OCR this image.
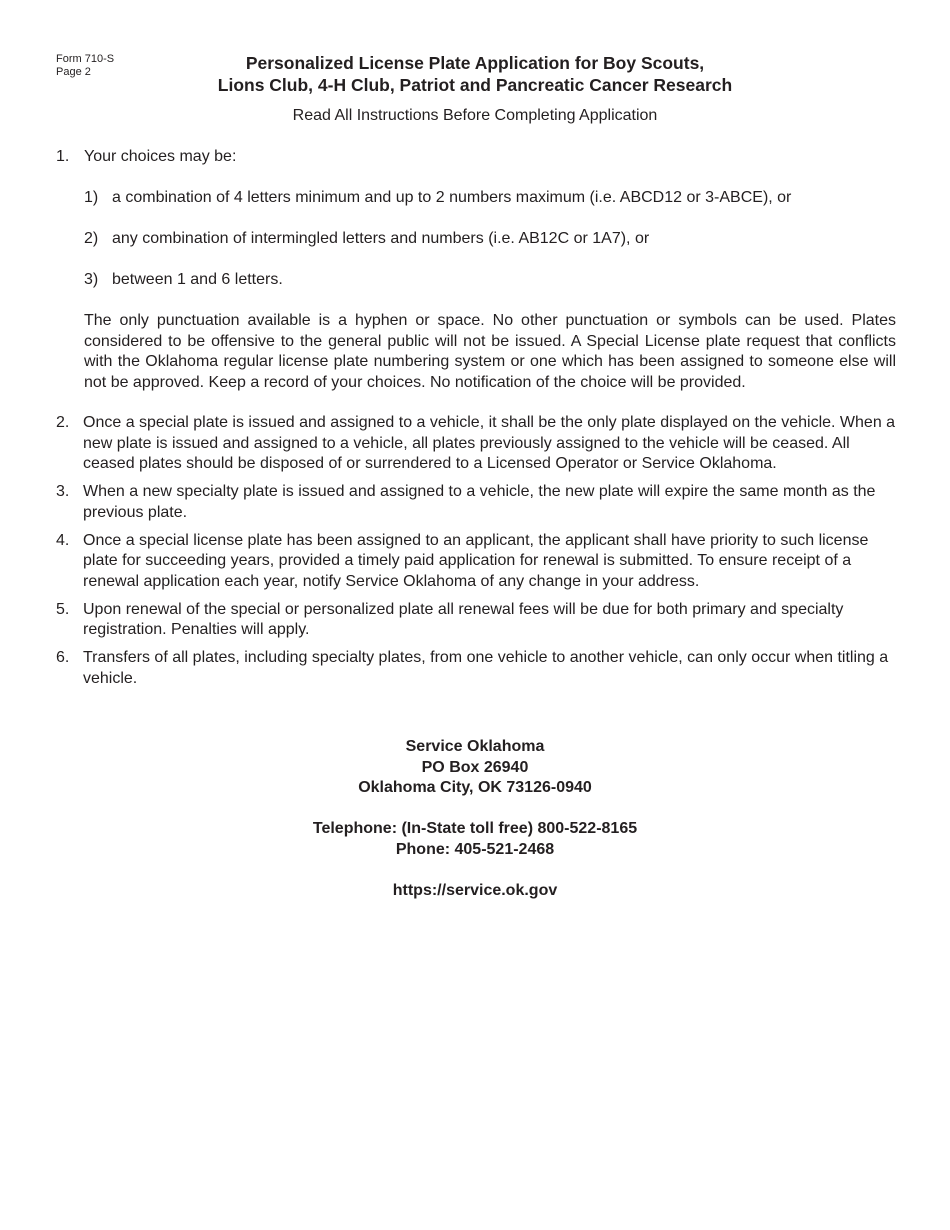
Form 710-S
Page 2	Personalized License Plate Application for Boy Scouts,
Lions Club, 4-H Club, Patriot and Pancreatic Cancer Research
Read All Instructions Before Completing Application
1. Your choices may be:
1) a combination of 4 letters minimum and up to 2 numbers maximum (i.e. ABCD12 or 3-ABCE), or
2) any combination of intermingled letters and numbers (i.e. AB12C or 1A7), or
3) between 1 and 6 letters.
The only punctuation available is a hyphen or space. No other punctuation or symbols can be used. Plates considered to be offensive to the general public will not be issued. A Special License plate request that conflicts with the Oklahoma regular license plate numbering system or one which has been assigned to someone else will not be approved. Keep a record of your choices. No notification of the choice will be provided.
2. Once a special plate is issued and assigned to a vehicle, it shall be the only plate displayed on the vehicle. When a new plate is issued and assigned to a vehicle, all plates previously assigned to the vehicle will be ceased. All ceased plates should be disposed of or surrendered to a Licensed Operator or Service Oklahoma.
3. When a new specialty plate is issued and assigned to a vehicle, the new plate will expire the same month as the previous plate.
4. Once a special license plate has been assigned to an applicant, the applicant shall have priority to such license plate for succeeding years, provided a timely paid application for renewal is submitted. To ensure receipt of a renewal application each year, notify Service Oklahoma of any change in your address.
5. Upon renewal of the special or personalized plate all renewal fees will be due for both primary and specialty registration. Penalties will apply.
6. Transfers of all plates, including specialty plates, from one vehicle to another vehicle, can only occur when titling a vehicle.
Service Oklahoma
PO Box 26940
Oklahoma City, OK 73126-0940
Telephone: (In-State toll free) 800-522-8165
Phone: 405-521-2468
https://service.ok.gov
